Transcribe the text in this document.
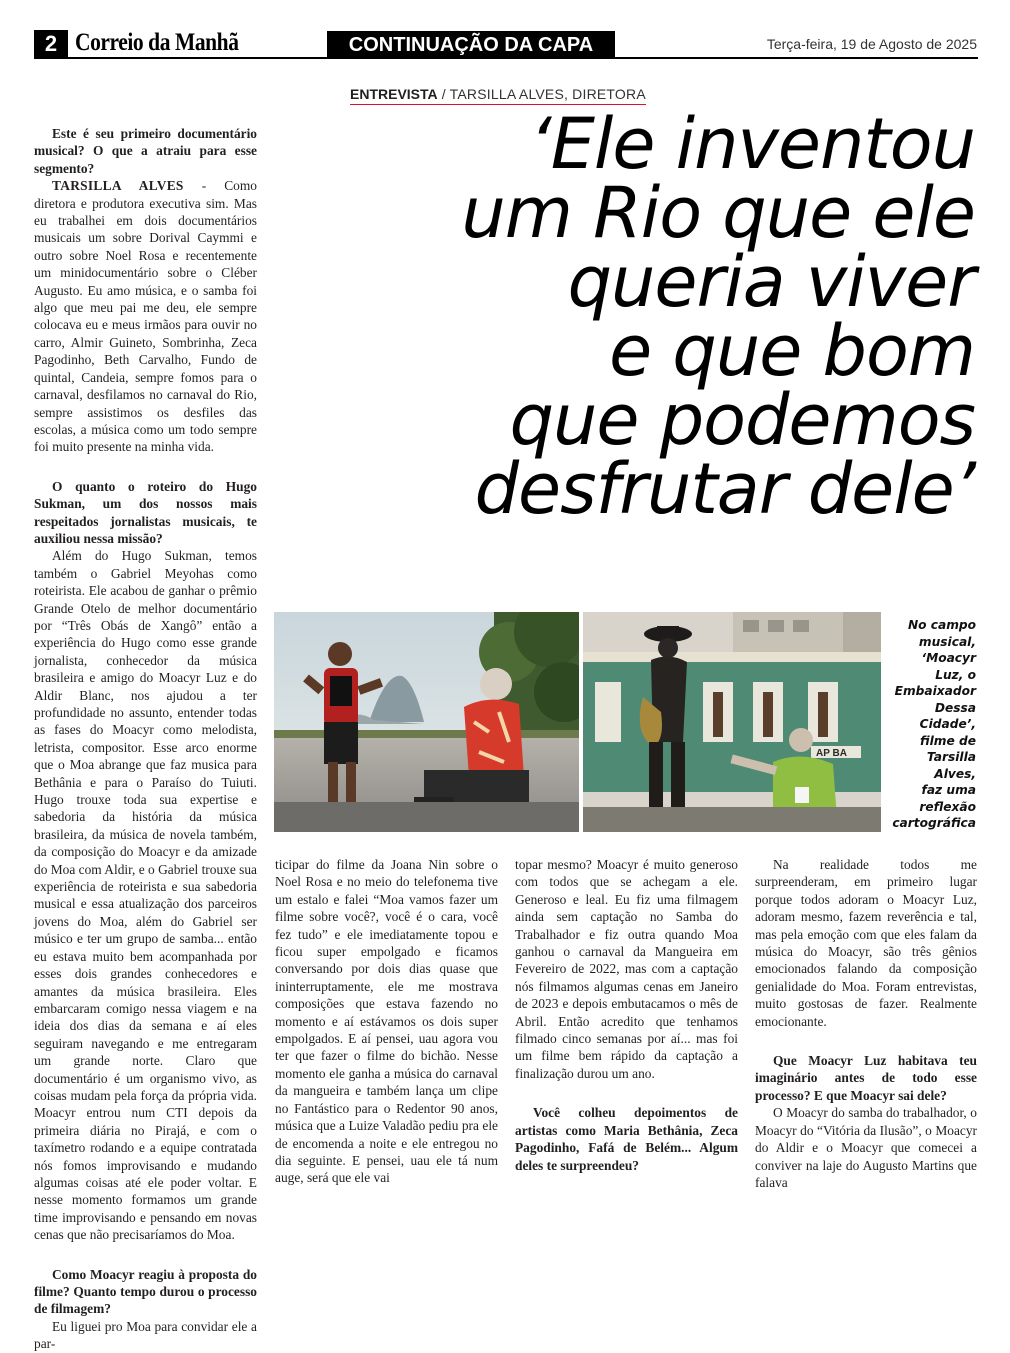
2 Correio da Manhã	CONTINUAÇÃO DA CAPA	Terça-feira, 19 de Agosto de 2025
ENTREVISTA / TARSILLA ALVES, DIRETORA
‘Ele inventou
um Rio que ele
queria viver
e que bom
que podemos
desfrutar dele’

Este é seu primeiro documentário musical? O que a atraiu para esse segmento?

TARSILLA ALVES - Como diretora e produtora executiva sim. Mas eu trabalhei em dois documentários musicais um sobre Dorival Caymmi e outro sobre Noel Rosa e recentemente um minidocumentário sobre o Cléber Augusto. Eu amo música, e o samba foi algo que meu pai me deu, ele sempre colocava eu e meus irmãos para ouvir no carro, Almir Guineto, Sombrinha, Zeca Pagodinho, Beth Carvalho, Fundo de quintal, Candeia, sempre fomos para o carnaval, desfilamos no carnaval do Rio, sempre assistimos os desfiles das escolas, a música como um todo sempre foi muito presente na minha vida.

O quanto o roteiro do Hugo Sukman, um dos nossos mais respeitados jornalistas musicais, te auxiliou nessa missão?

Além do Hugo Sukman, temos também o Gabriel Meyohas como roteirista. Ele acabou de ganhar o prêmio Grande Otelo de melhor documentário por “Três Obás de Xangô” então a experiência do Hugo como esse grande jornalista, conhecedor da música brasileira e amigo do Moacyr Luz e do Aldir Blanc, nos ajudou a ter profundidade no assunto, entender todas as fases do Moacyr como melodista, letrista, compositor. Esse arco enorme que o Moa abrange que faz musica para Bethânia e para o Paraíso do Tuiuti. Hugo trouxe toda sua expertise e sabedoria da história da música brasileira, da música de novela também, da composição do Moacyr e da amizade do Moa com Aldir, e o Gabriel trouxe sua experiência de roteirista e sua sabedoria musical e essa atualização dos parceiros jovens do Moa, além do Gabriel ser músico e ter um grupo de samba... então eu estava muito bem acompanhada por esses dois grandes conhecedores e amantes da música brasileira. Eles embarcaram comigo nessa viagem e na ideia dos dias da semana e aí eles seguiram navegando e me entregaram um grande norte. Claro que documentário é um organismo vivo, as coisas mudam pela força da própria vida. Moacyr entrou num CTI depois da primeira diária no Pirajá, e com o taxímetro rodando e a equipe contratada nós fomos improvisando e mudando algumas coisas até ele poder voltar. E nesse momento formamos um grande time improvisando e pensando em novas cenas que não precisaríamos do Moa.

Como Moacyr reagiu à proposta do filme? Quanto tempo durou o processo de filmagem?

Eu liguei pro Moa para convidar ele a par-

AP BA
No campo
musical,
‘Moacyr
Luz, o
Embaixador
Dessa
Cidade’,
filme de
Tarsilla
Alves,
faz uma
reflexão
cartográfica

ticipar do filme da Joana Nin sobre o Noel Rosa e no meio do telefonema tive um estalo e falei “Moa vamos fazer um filme sobre você?, você é o cara, você fez tudo” e ele imediatamente topou e ficou super empolgado e ficamos conversando por dois dias quase que ininterruptamente, ele me mostrava composições que estava fazendo no momento e aí estávamos os dois super empolgados. E aí pensei, uau agora vou ter que fazer o filme do bichão. Nesse momento ele ganha a música do carnaval da mangueira e também lança um clipe no Fantástico para o Redentor 90 anos, música que a Luize Valadão pediu pra ele de encomenda a noite e ele entregou no dia seguinte. E pensei, uau ele tá num auge, será que ele vai

topar mesmo? Moacyr é muito generoso com todos que se achegam a ele. Generoso e leal. Eu fiz uma filmagem ainda sem captação no Samba do Trabalhador e fiz outra quando Moa ganhou o carnaval da Mangueira em Fevereiro de 2022, mas com a captação nós filmamos algumas cenas em Janeiro de 2023 e depois embutacamos o mês de Abril. Então acredito que tenhamos filmado cinco semanas por aí... mas foi um filme bem rápido da captação a finalização durou um ano.

Você colheu depoimentos de artistas como Maria Bethânia, Zeca Pagodinho, Fafá de Belém... Algum deles te surpreendeu?

Na realidade todos me surpreenderam, em primeiro lugar porque todos adoram o Moacyr Luz, adoram mesmo, fazem reverência e tal, mas pela emoção com que eles falam da música do Moacyr, são três gênios emocionados falando da composição genialidade do Moa. Foram entrevistas, muito gostosas de fazer. Realmente emocionante.

Que Moacyr Luz habitava teu imaginário antes de todo esse processo? E que Moacyr sai dele?

O Moacyr do samba do trabalhador, o Moacyr do “Vitória da Ilusão”, o Moacyr do Aldir e o Moacyr que comecei a conviver na laje do Augusto Martins que falava
